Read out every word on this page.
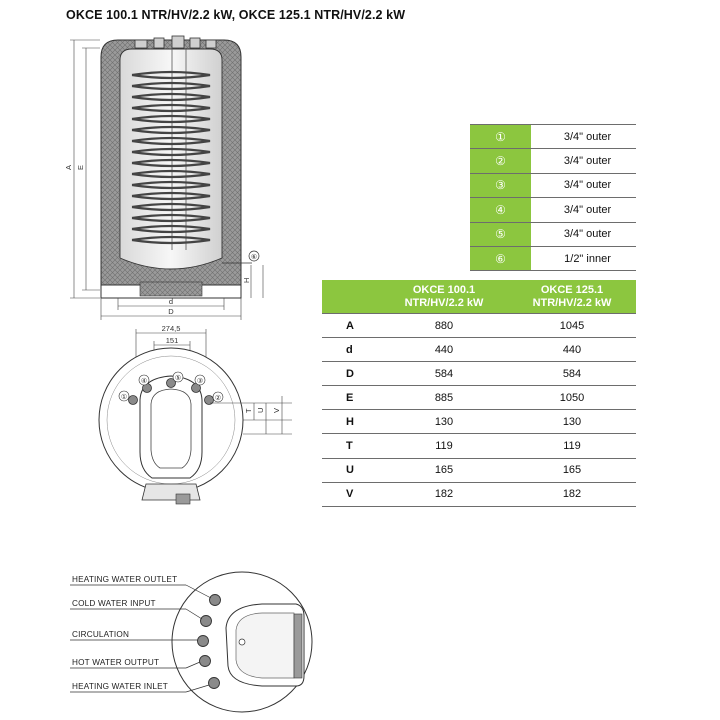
OKCE 100.1 NTR/HV/2.2 kW, OKCE 125.1 NTR/HV/2.2 kW
⑥
A E
H
d
D
274,5
151
①
④	⑤ ③
②
T U V
HEATING WATER OUTLET
COLD WATER INPUT
CIRCULATION
HOT WATER OUTPUT
HEATING WATER INLET
①	3/4" outer
②	3/4" outer
③	3/4" outer
④	3/4" outer
⑤	3/4" outer
⑥	1/2" inner
	OKCE 100.1
NTR/HV/2.2 kW	OKCE 125.1
NTR/HV/2.2 kW
A	880	1045
d	440	440
D	584	584
E	885	1050
H	130	130
T	119	119
U	165	165
V	182	182
